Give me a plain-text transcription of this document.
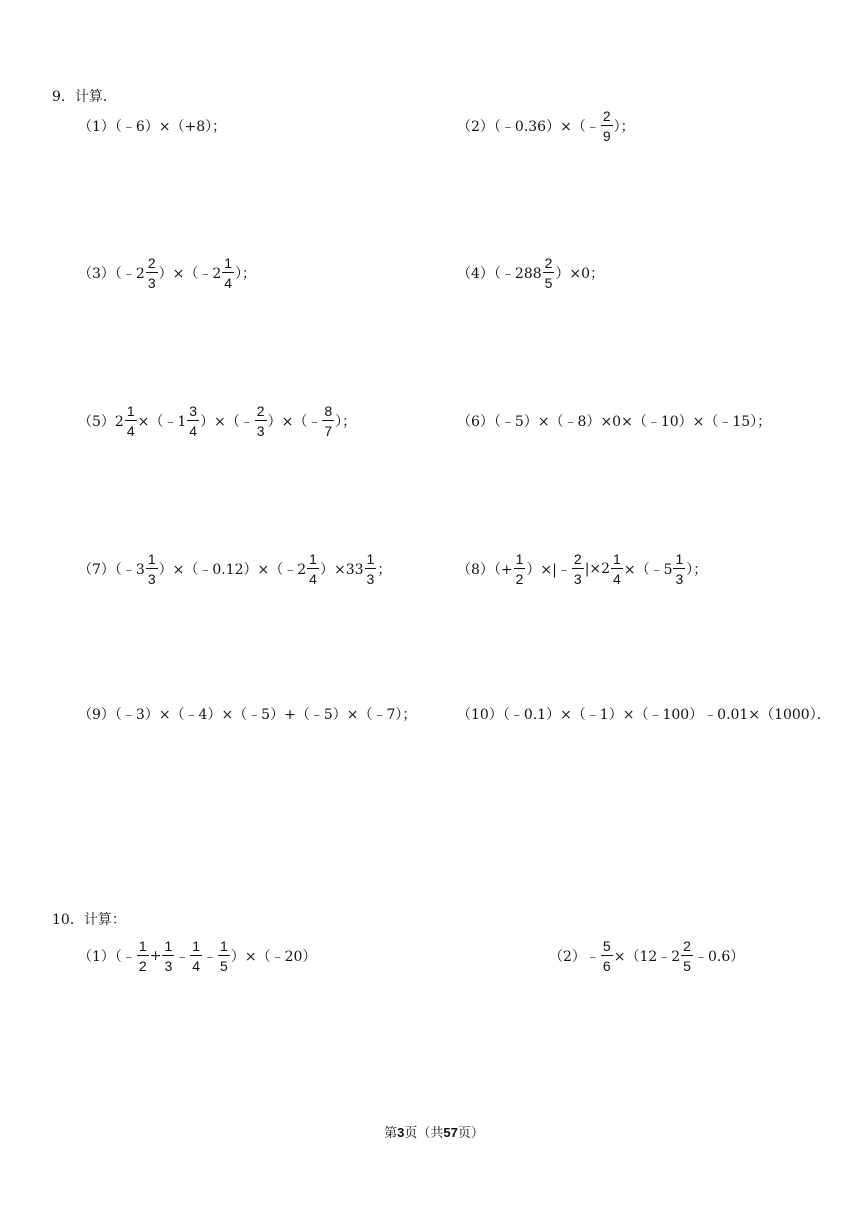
9．计算．
（1）（﹣6）×（+8）；	（2）（﹣0.36）×（﹣ $\frac{2}{9}$ ）；
（3）（﹣2 $\frac{2}{3}$ ）×（﹣2 $\frac{1}{4}$ ）；	（4）（﹣288 $\frac{2}{5} )\times 0$；
$(5)2 \frac{1}{4}$ ×（﹣1 $\frac{3}{4}$ ）×（﹣ $\frac{2}{3}$ ）×（﹣ $\frac{8}{7}$ ）；	（6）（﹣5）×（﹣8）×0×（﹣10）×（﹣15）；
（7）（﹣3 $\frac{1}{3}$ ）×（﹣0.12）×（﹣2 $\frac{1}{4} )\times 33 \frac{1}{3}$ ；	$(8)(+ \frac{1}{2}$ ）×|﹣ $\frac{2}{3} |\times 2 \frac{1}{4}$ ×（﹣5 $\frac{1}{3}$ ）；
（9）（﹣3）×（﹣4）×（﹣5）+（﹣5）×（﹣7）；	（10）（﹣0.1）×（﹣1）×（﹣100）﹣0.01×（1000）．
10．计算：
（1）（﹣ $\frac{1}{2} + \frac{1}{3}$ ﹣ $\frac{1}{4}$ ﹣ $\frac{1}{5}$ ）×（﹣20）	（2）﹣ $\frac{5}{6}$ ×（12﹣2 $\frac{2}{5}$ ﹣0.6）
第3页（共57页）
